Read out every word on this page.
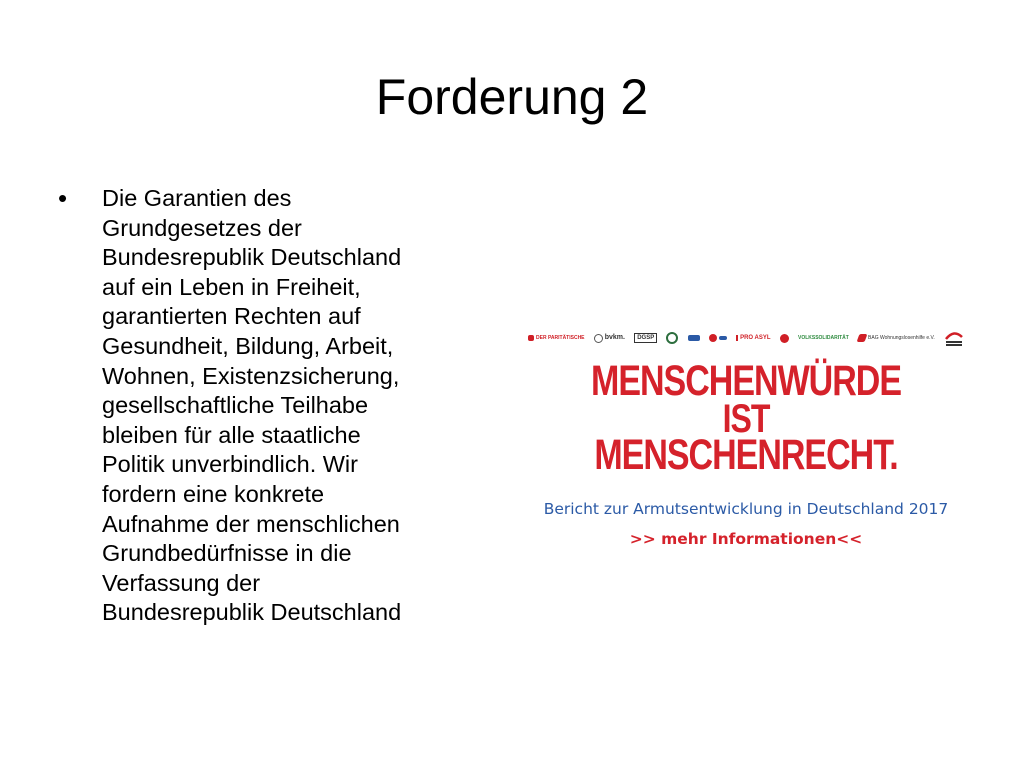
Forderung 2
• Die Garantien des
Grundgesetzes der
Bundesrepublik Deutschland
auf ein Leben in Freiheit,
garantierten Rechten auf
Gesundheit, Bildung, Arbeit,
Wohnen, Existenzsicherung,
gesellschaftliche Teilhabe
bleiben für alle staatliche
Politik unverbindlich. Wir
fordern eine konkrete
Aufnahme der menschlichen
Grundbedürfnisse in die
Verfassung der
Bundesrepublik Deutschland
DER PARITÄTISCHE	bvkm. DGSP	PRO ASYL	VOLKSSOLIDARITÄT	BAG Wohnungslosenhilfe e.V.
MENSCHENWÜRDE
IST
MENSCHENRECHT.
Bericht zur Armutsentwicklung in Deutschland 2017
>> mehr Informationen<<
